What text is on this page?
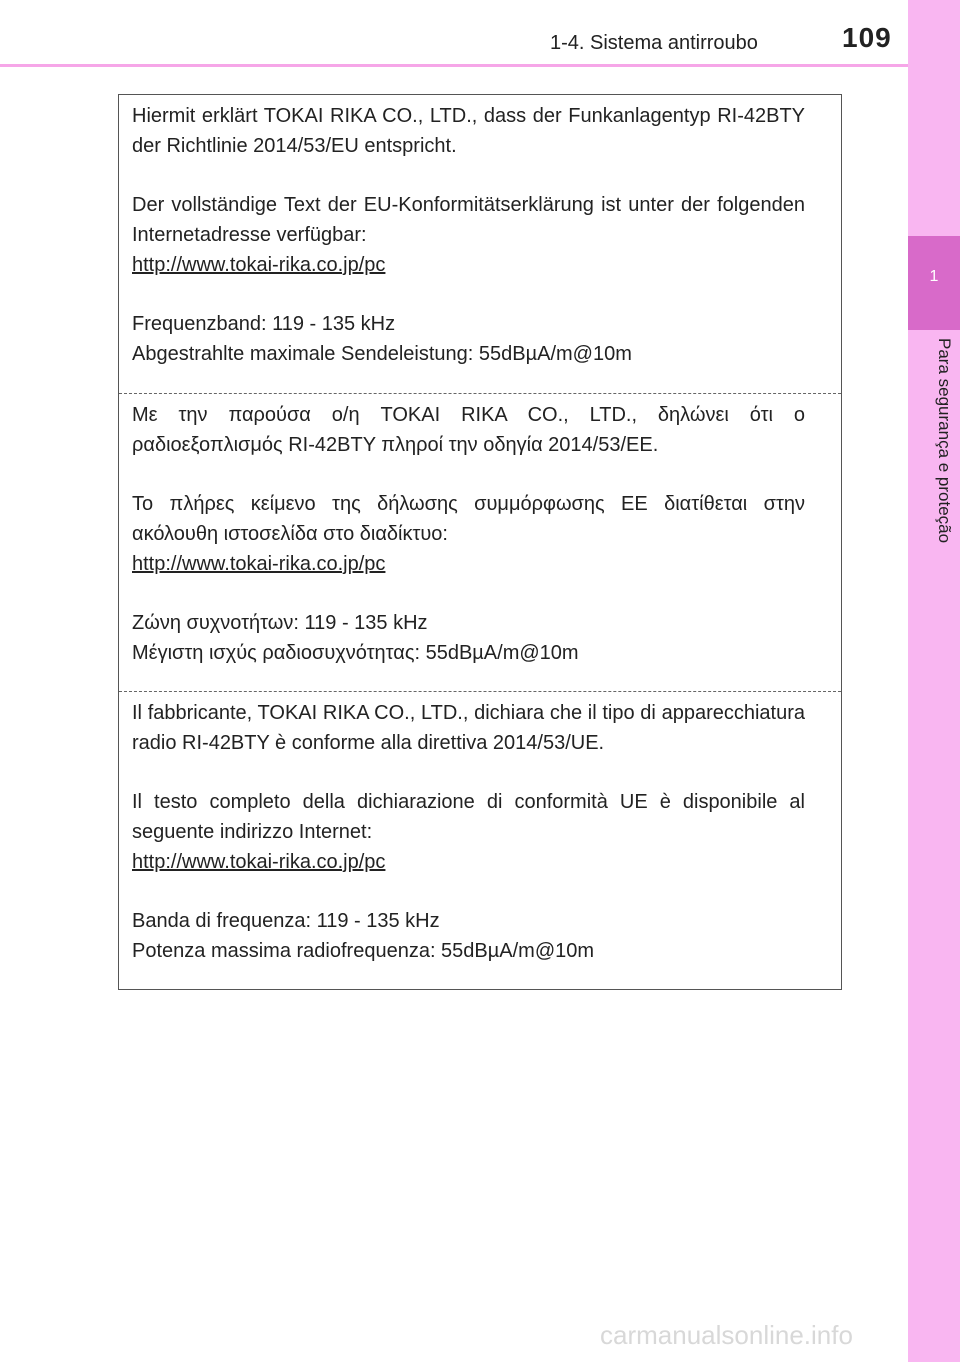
1-4. Sistema antirroubo	109
1
Para segurança e proteção

Hiermit erklärt TOKAI RIKA CO., LTD., dass der Funkanlagentyp RI-42BTY der Richtlinie 2014/53/EU entspricht.

Der vollständige Text der EU-Konformitätserklärung ist unter der folgenden Internetadresse verfügbar:
http://www.tokai-rika.co.jp/pc

Frequenzband: 119 - 135 kHz
Abgestrahlte maximale Sendeleistung: 55dBµA/m@10m

Με την παρούσα ο/η TOKAI RIKA CO., LTD., δηλώνει ότι ο ραδιοεξοπλισμός RI-42BTY πληροί την οδηγία 2014/53/ΕΕ.

Το πλήρες κείμενο της δήλωσης συμμόρφωσης ΕΕ διατίθεται στην ακόλουθη ιστοσελίδα στο διαδίκτυο:
http://www.tokai-rika.co.jp/pc

Ζώνη συχνοτήτων: 119 - 135 kHz
Μέγιστη ισχύς ραδιοσυχνότητας: 55dBµA/m@10m

Il fabbricante, TOKAI RIKA CO., LTD., dichiara che il tipo di apparecchiatura radio RI-42BTY è conforme alla direttiva 2014/53/UE.

Il testo completo della dichiarazione di conformità UE è disponibile al seguente indirizzo Internet:
http://www.tokai-rika.co.jp/pc

Banda di frequenza: 119 - 135 kHz
Potenza massima radiofrequenza: 55dBµA/m@10m

carmanualsonline.info
